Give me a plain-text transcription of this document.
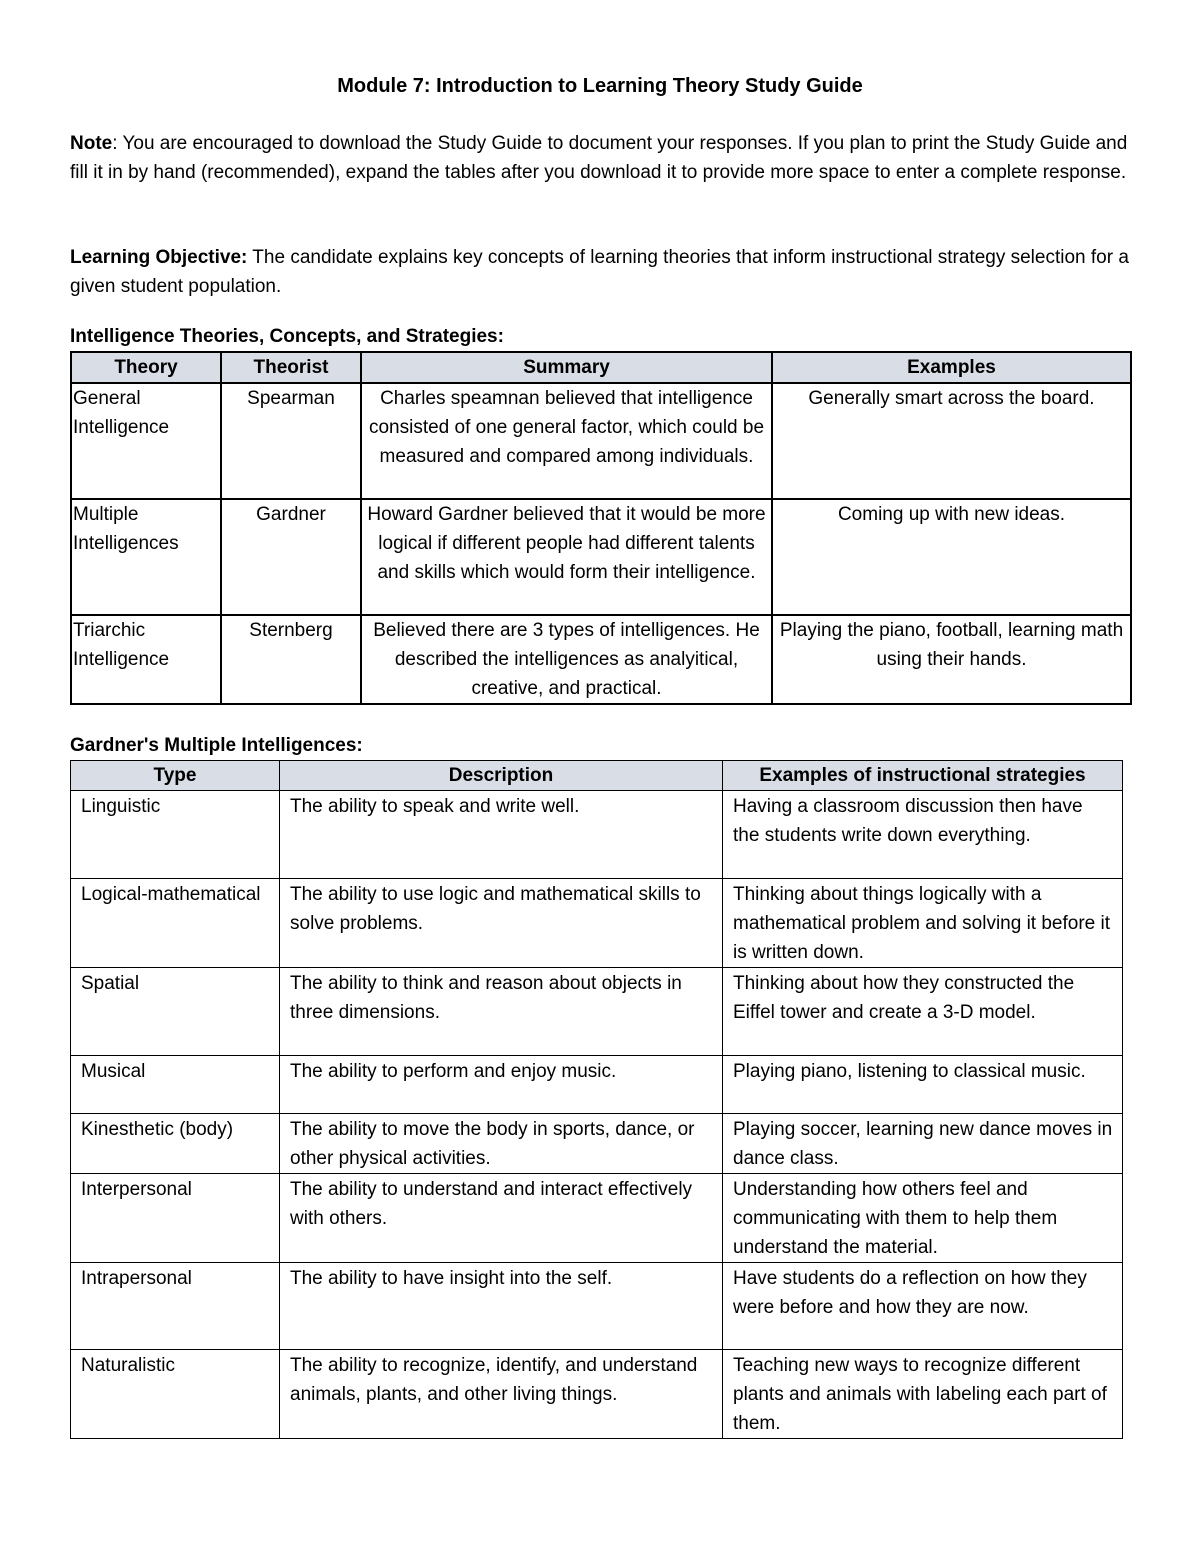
Module 7: Introduction to Learning Theory Study Guide

Note: You are encouraged to download the Study Guide to document your responses. If you plan to print the Study Guide and fill it in by hand (recommended), expand the tables after you download it to provide more space to enter a complete response.

Learning Objective: The candidate explains key concepts of learning theories that inform instructional strategy selection for a given student population.

Intelligence Theories, Concepts, and Strategies:
Theory	Theorist	Summary	Examples
General Intelligence	Spearman	Charles speamnan believed that intelligence consisted of one general factor, which could be measured and compared among individuals.	Generally smart across the board.
Multiple Intelligences	Gardner	Howard Gardner believed that it would be more logical if different people had different talents and skills which would form their intelligence.	Coming up with new ideas.
Triarchic Intelligence	Sternberg	Believed there are 3 types of intelligences. He described the intelligences as analyitical, creative, and practical.	Playing the piano, football, learning math using their hands.
Gardner's Multiple Intelligences:
Type	Description	Examples of instructional strategies
Linguistic	The ability to speak and write well.	Having a classroom discussion then have the students write down everything.
Logical-mathematical	The ability to use logic and mathematical skills to solve problems.	Thinking about things logically with a mathematical problem and solving it before it is written down.
Spatial	The ability to think and reason about objects in three dimensions.	Thinking about how they constructed the Eiffel tower and create a 3-D model.
Musical	The ability to perform and enjoy music.	Playing piano, listening to classical music.
Kinesthetic (body)	The ability to move the body in sports, dance, or other physical activities.	Playing soccer, learning new dance moves in dance class.
Interpersonal	The ability to understand and interact effectively with others.	Understanding how others feel and communicating with them to help them understand the material.
Intrapersonal	The ability to have insight into the self.	Have students do a reflection on how they were before and how they are now.
Naturalistic	The ability to recognize, identify, and understand animals, plants, and other living things.	Teaching new ways to recognize different plants and animals with labeling each part of them.
